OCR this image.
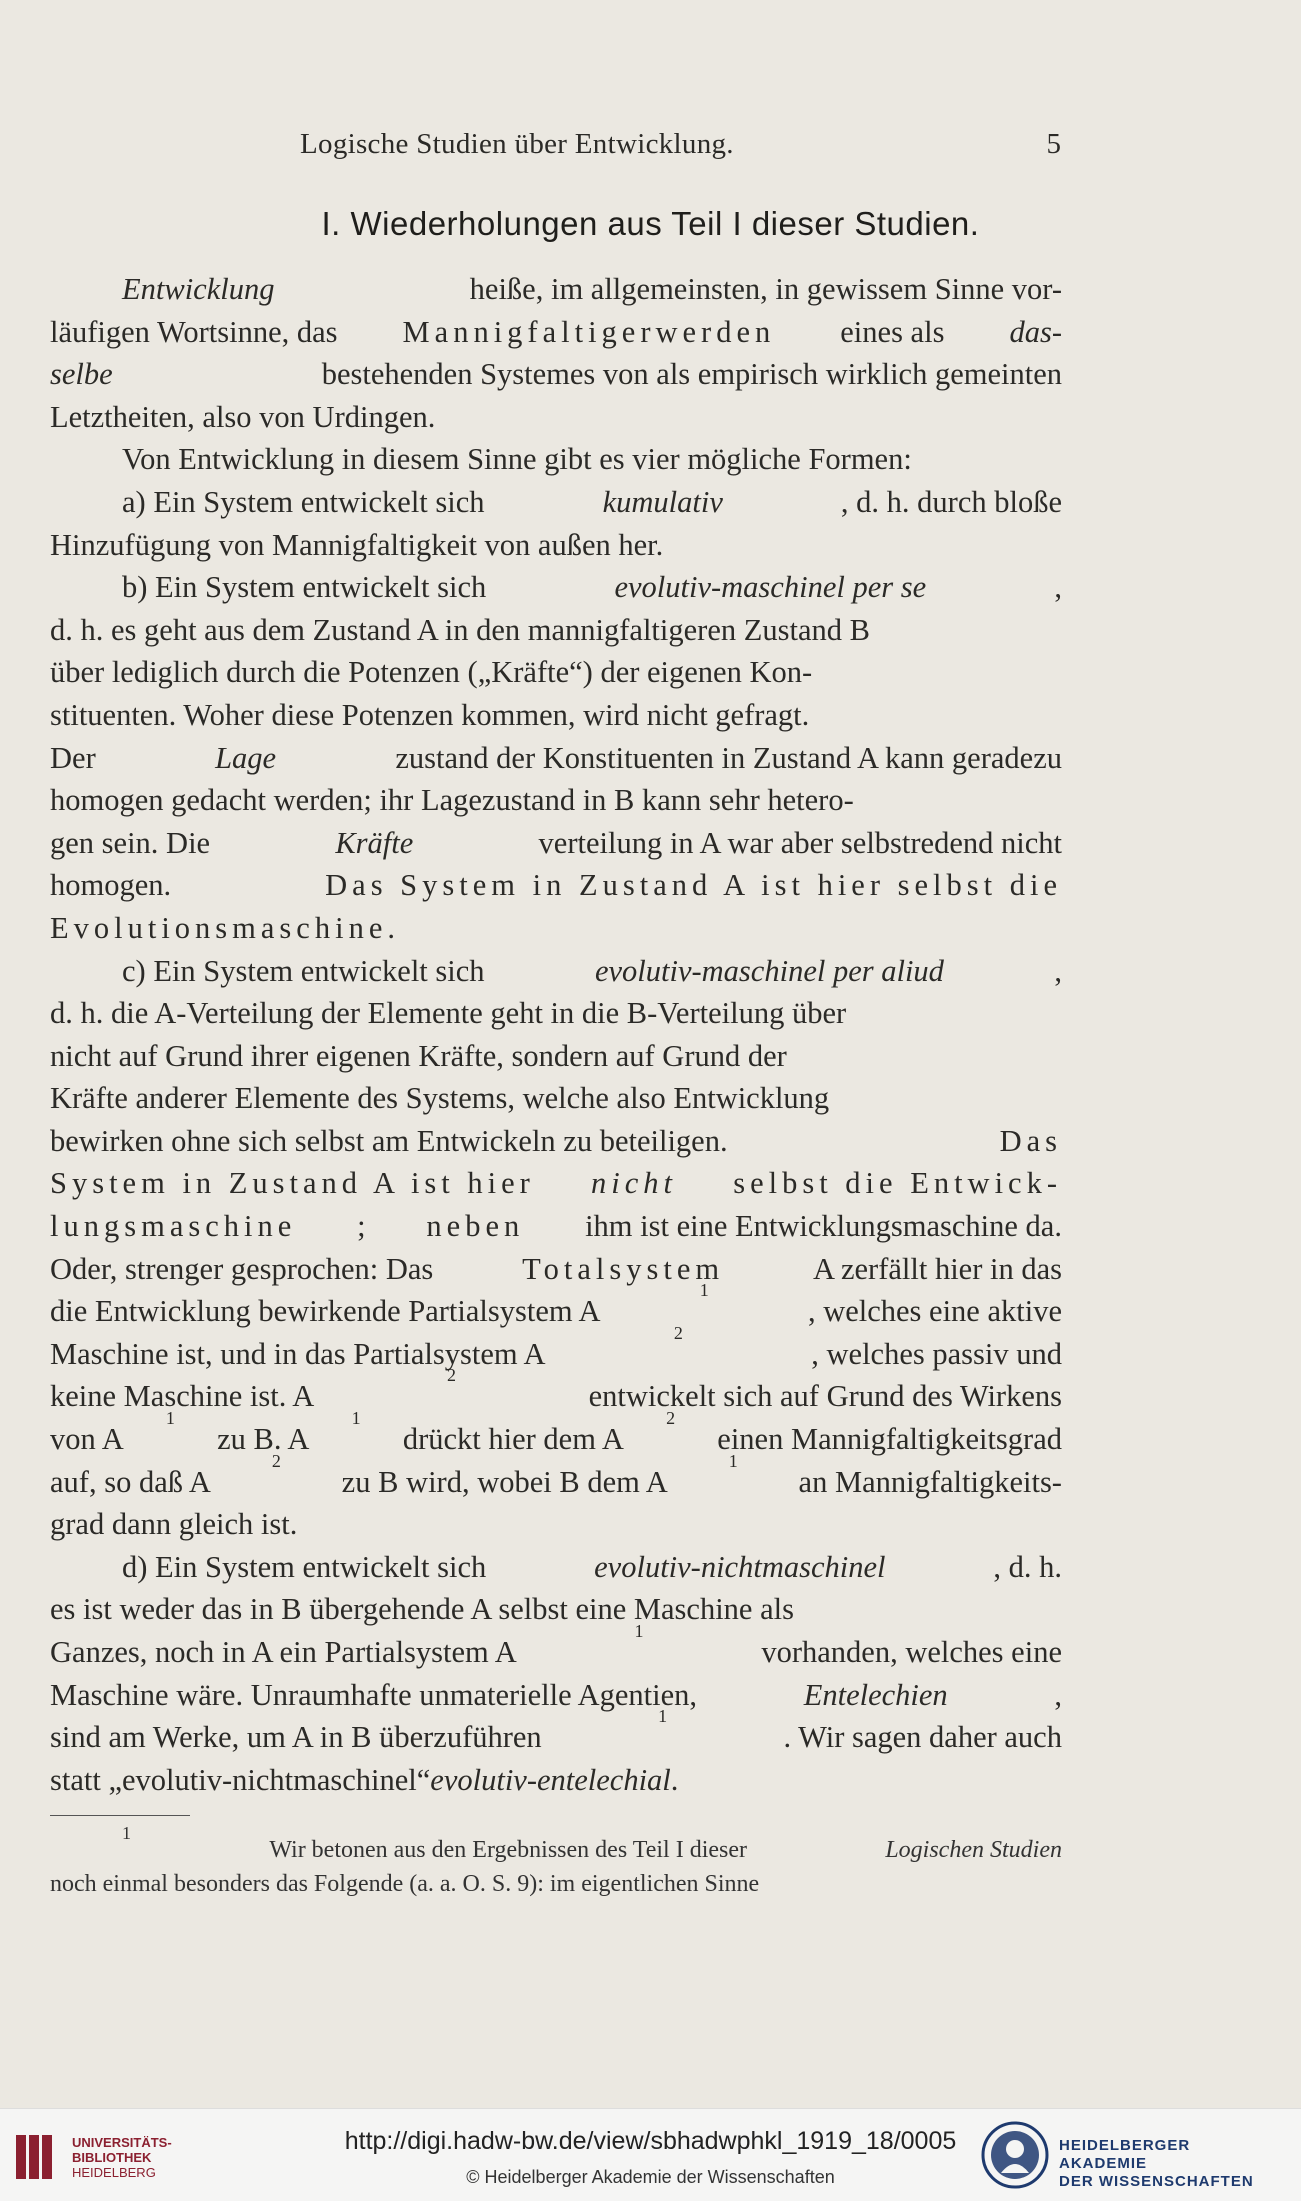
Logische Studien über Entwicklung.	5
I. Wiederholungen aus Teil I dieser Studien.
Entwicklung	heiße, im allgemeinsten, in gewissem Sinne vor-
läufigen Wortsinne, das Mannigfaltigerwerden eines als das-
selbe	bestehenden Systemes von als empirisch wirklich gemeinten
Letztheiten, also von Urdingen.
Von Entwicklung in diesem Sinne gibt es vier mögliche Formen:
a) Ein System entwickelt sich	kumulativ	, d. h. durch bloße
Hinzufügung von Mannigfaltigkeit von außen her.
b) Ein System entwickelt sich	evolutiv-maschinel per se	,
d. h. es geht aus dem Zustand A in den mannigfaltigeren Zustand B
über lediglich durch die Potenzen („Kräfte“) der eigenen Kon-
stituenten. Woher diese Potenzen kommen, wird nicht gefragt.
Der	Lage	zustand der Konstituenten in Zustand A kann geradezu
homogen gedacht werden; ihr Lagezustand in B kann sehr hetero-
gen sein. Die	Kräfte	verteilung in A war aber selbstredend nicht
homogen.	Das System in Zustand A ist hier selbst die
Evolutionsmaschine.
c) Ein System entwickelt sich	evolutiv-maschinel per aliud	,
d. h. die A-Verteilung der Elemente geht in die B-Verteilung über
nicht auf Grund ihrer eigenen Kräfte, sondern auf Grund der
Kräfte anderer Elemente des Systems, welche also Entwicklung
bewirken ohne sich selbst am Entwickeln zu beteiligen.	Das
System in Zustand A ist hier nicht selbst die Entwick-
lungsmaschine ; neben ihm ist eine Entwicklungsmaschine da.
Oder, strenger gesprochen: Das	Totalsystem	A zerfällt hier in das
die Entwicklung bewirkende Partialsystem A
1
, welches eine aktive
Maschine ist, und in das Partialsystem A
2
, welches passiv und
keine Maschine ist. A
2
entwickelt sich auf Grund des Wirkens
von A
1
zu B. A
1
drückt hier dem A
2
einen Mannigfaltigkeitsgrad
auf, so daß A
2
zu B wird, wobei B dem A
1
an Mannigfaltigkeits-
grad dann gleich ist.
d) Ein System entwickelt sich	evolutiv-nichtmaschinel	, d. h.
es ist weder das in B übergehende A selbst eine Maschine als
Ganzes, noch in A ein Partialsystem A
1
vorhanden, welches eine
Maschine wäre. Unraumhafte unmaterielle Agentien,	Entelechien	,
sind am Werke, um A in B überzuführen
1
. Wir sagen daher auch
statt „evolutiv-nichtmaschinel“ evolutiv-entelechial .
1
Wir betonen aus den Ergebnissen des Teil I dieser	Logischen Studien
noch einmal besonders das Folgende (a. a. O. S. 9): im eigentlichen Sinne
UNIVERSITÄTS-
BIBLIOTHEK
HEIDELBERG
http://digi.hadw-bw.de/view/sbhadwphkl_1919_18/0005
© Heidelberger Akademie der Wissenschaften
HEIDELBERGER AKADEMIE
DER WISSENSCHAFTEN
